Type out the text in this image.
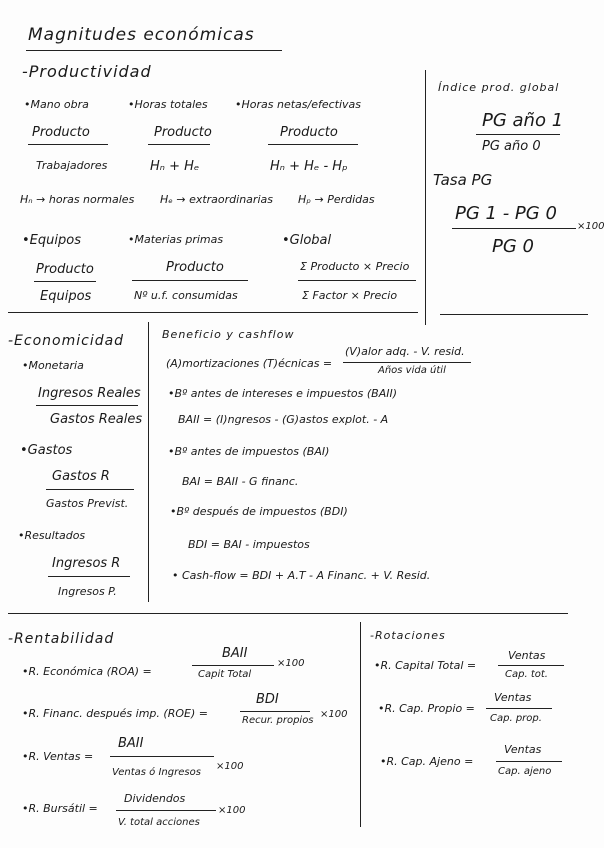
Magnitudes económicas
-Productividad
•Mano obra	•Horas totales •Horas netas/efectivas
Producto
Trabajadores
Producto
Hₙ + Hₑ
Producto
Hₙ + Hₑ - Hₚ
Hₙ → horas normales Hₑ → extraordinarias Hₚ → Perdidas
•Equipos	•Materias primas	•Global
Producto
Equipos
Producto
Nº u.f. consumidas
Σ Producto × Precio
Σ Factor × Precio
Índice prod. global
PG año 1
PG año 0
Tasa PG
PG 1 - PG 0
×100
PG 0
-Economicidad
•Monetaria
Ingresos Reales
Gastos Reales
•Gastos
Gastos R
Gastos Previst.
•Resultados
Ingresos R
Ingresos P.
Beneficio y cashflow
(A)mortizaciones (T)écnicas =
(V)alor adq. - V. resid.
Años vida útil
•Bº antes de intereses e impuestos (BAII)
BAII = (I)ngresos - (G)astos explot. - A
•Bº antes de impuestos (BAI)
BAI = BAII - G financ.
•Bº después de impuestos (BDI)
BDI = BAI - impuestos
• Cash-flow = BDI + A.T - A Financ. + V. Resid.
-Rentabilidad
•R. Económica (ROA) =
BAII
Capit Total
×100
•R. Financ. después imp. (ROE) =
BDI
Recur. propios
×100
•R. Ventas =
BAII
Ventas ó Ingresos
×100
•R. Bursátil =
Dividendos
V. total acciones
×100
-Rotaciones
•R. Capital Total =
Ventas
Cap. tot.
•R. Cap. Propio =
Ventas
Cap. prop.
•R. Cap. Ajeno =
Ventas
Cap. ajeno
